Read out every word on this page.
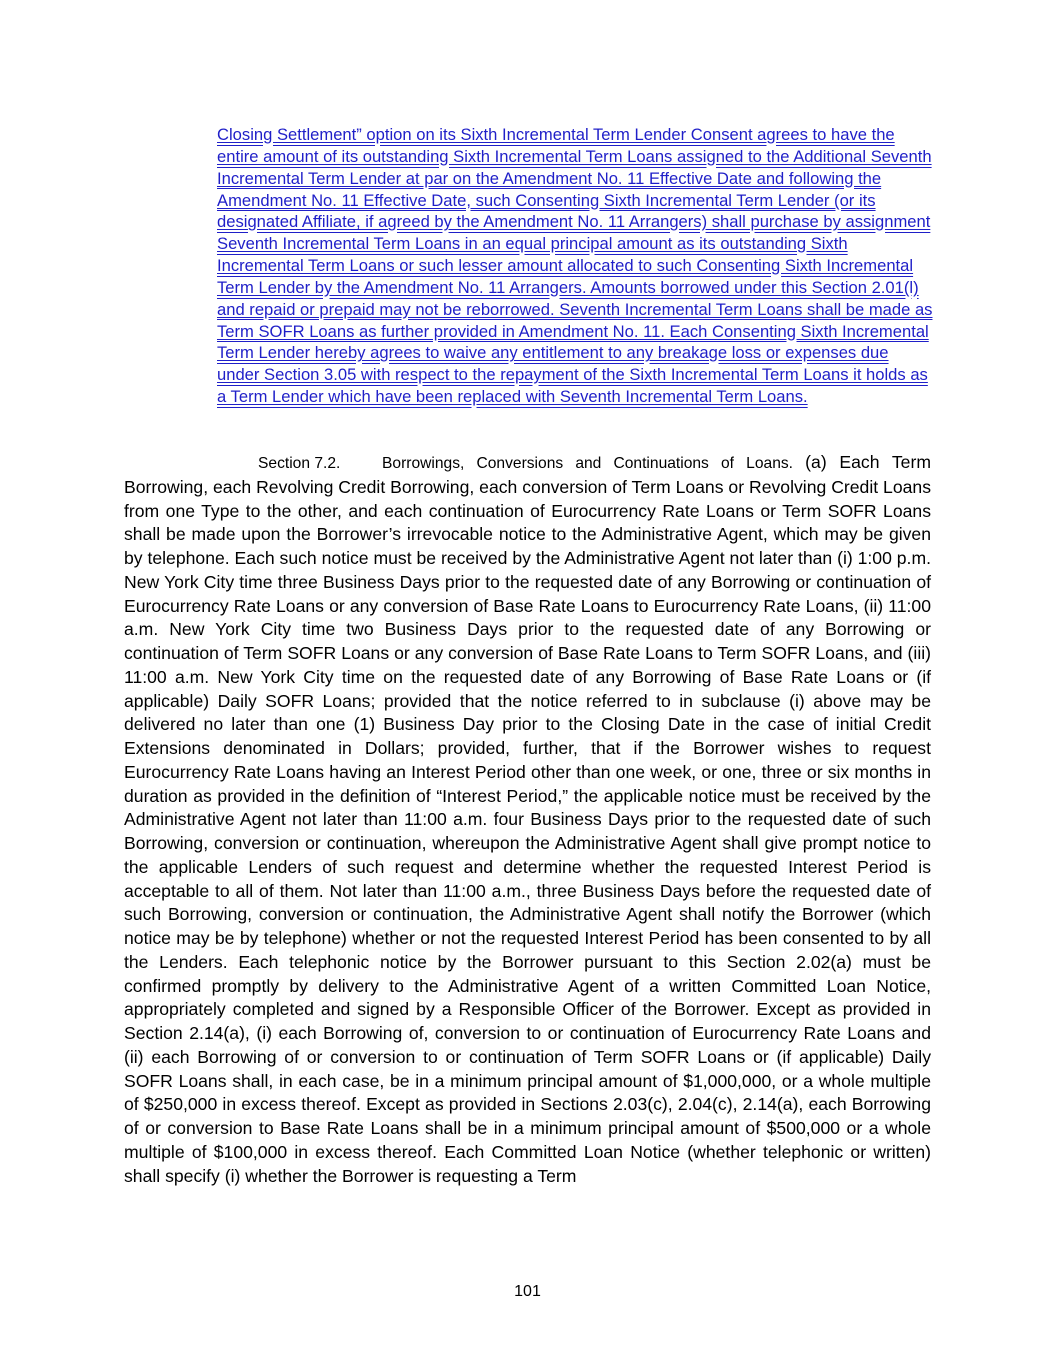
Closing Settlement” option on its Sixth Incremental Term Lender Consent agrees to have the entire amount of its outstanding Sixth Incremental Term Loans assigned to the Additional Seventh Incremental Term Lender at par on the Amendment No. 11 Effective Date and following the Amendment No. 11 Effective Date, such Consenting Sixth Incremental Term Lender (or its designated Affiliate, if agreed by the Amendment No. 11 Arrangers) shall purchase by assignment Seventh Incremental Term Loans in an equal principal amount as its outstanding Sixth Incremental Term Loans or such lesser amount allocated to such Consenting Sixth Incremental Term Lender by the Amendment No. 11 Arrangers. Amounts borrowed under this Section 2.01(l) and repaid or prepaid may not be reborrowed. Seventh Incremental Term Loans shall be made as Term SOFR Loans as further provided in Amendment No. 11. Each Consenting Sixth Incremental Term Lender hereby agrees to waive any entitlement to any breakage loss or expenses due under Section 3.05 with respect to the repayment of the Sixth Incremental Term Loans it holds as a Term Lender which have been replaced with Seventh Incremental Term Loans.
Section 7.2.	Borrowings, Conversions and Continuations of Loans. (a) Each Term Borrowing, each Revolving Credit Borrowing, each conversion of Term Loans or Revolving Credit Loans from one Type to the other, and each continuation of Eurocurrency Rate Loans or Term SOFR Loans shall be made upon the Borrower’s irrevocable notice to the Administrative Agent, which may be given by telephone. Each such notice must be received by the Administrative Agent not later than (i) 1:00 p.m. New York City time three Business Days prior to the requested date of any Borrowing or continuation of Eurocurrency Rate Loans or any conversion of Base Rate Loans to Eurocurrency Rate Loans, (ii) 11:00 a.m. New York City time two Business Days prior to the requested date of any Borrowing or continuation of Term SOFR Loans or any conversion of Base Rate Loans to Term SOFR Loans, and (iii) 11:00 a.m. New York City time on the requested date of any Borrowing of Base Rate Loans or (if applicable) Daily SOFR Loans; provided that the notice referred to in subclause (i) above may be delivered no later than one (1) Business Day prior to the Closing Date in the case of initial Credit Extensions denominated in Dollars; provided, further, that if the Borrower wishes to request Eurocurrency Rate Loans having an Interest Period other than one week, or one, three or six months in duration as provided in the definition of “Interest Period,” the applicable notice must be received by the Administrative Agent not later than 11:00 a.m. four Business Days prior to the requested date of such Borrowing, conversion or continuation, whereupon the Administrative Agent shall give prompt notice to the applicable Lenders of such request and determine whether the requested Interest Period is acceptable to all of them. Not later than 11:00 a.m., three Business Days before the requested date of such Borrowing, conversion or continuation, the Administrative Agent shall notify the Borrower (which notice may be by telephone) whether or not the requested Interest Period has been consented to by all the Lenders. Each telephonic notice by the Borrower pursuant to this Section 2.02(a) must be confirmed promptly by delivery to the Administrative Agent of a written Committed Loan Notice, appropriately completed and signed by a Responsible Officer of the Borrower. Except as provided in Section 2.14(a), (i) each Borrowing of, conversion to or continuation of Eurocurrency Rate Loans and (ii) each Borrowing of or conversion to or continuation of Term SOFR Loans or (if applicable) Daily SOFR Loans shall, in each case, be in a minimum principal amount of $1,000,000, or a whole multiple of $250,000 in excess thereof. Except as provided in Sections 2.03(c), 2.04(c), 2.14(a), each Borrowing of or conversion to Base Rate Loans shall be in a minimum principal amount of $500,000 or a whole multiple of $100,000 in excess thereof. Each Committed Loan Notice (whether telephonic or written) shall specify (i) whether the Borrower is requesting a Term
101
